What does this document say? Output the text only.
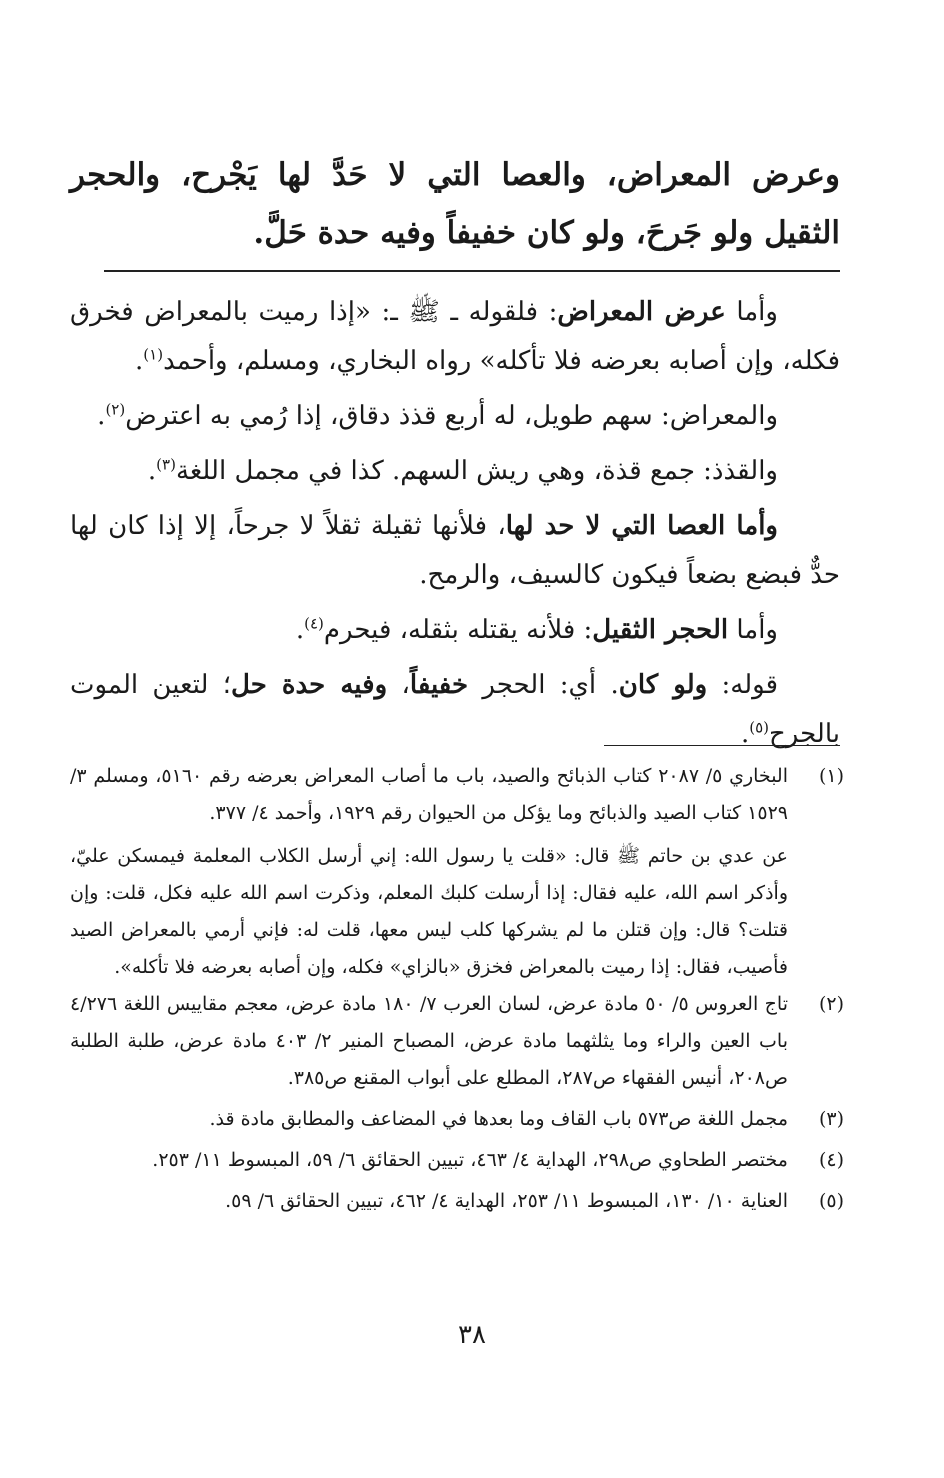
وعرض المعراض، والعصا التي لا حَدَّ لها يَجْرح، والحجر الثقيل ولو جَرحَ، ولو كان خفيفاً وفيه حدة حَلَّ.

وأما عرض المعراض: فلقوله ـ ﷺ ـ: «إذا رميت بالمعراض فخرق فكله، وإن أصابه بعرضه فلا تأكله» رواه البخاري، ومسلم، وأحمد$^{(١)}$.

والمعراض: سهم طويل، له أربع قذذ دقاق، إذا رُمي به اعترض$^{(٢)}$.

والقذذ: جمع قذة، وهي ريش السهم. كذا في مجمل اللغة$^{(٣)}$.

وأما العصا التي لا حد لها، فلأنها ثقيلة ثقلاً لا جرحاً، إلا إذا كان لها حدٌّ فبضع بضعاً فيكون كالسيف، والرمح.

وأما الحجر الثقيل: فلأنه يقتله بثقله، فيحرم$^{(٤)}$.

قوله: ولو كان. أي: الحجر خفيفاً، وفيه حدة حل؛ لتعين الموت بالجرح$^{(٥)}$.

(١)
البخاري ٥/ ٢٠٨٧ كتاب الذبائح والصيد، باب ما أصاب المعراض بعرضه رقم ٥١٦٠، ومسلم ٣/ ١٥٢٩ كتاب الصيد والذبائح وما يؤكل من الحيوان رقم ١٩٢٩، وأحمد ٤/ ٣٧٧.
عن عدي بن حاتم ﷺ قال: «قلت يا رسول الله: إني أرسل الكلاب المعلمة فيمسكن عليّ، وأذكر اسم الله، عليه فقال: إذا أرسلت كلبك المعلم، وذكرت اسم الله عليه فكل، قلت: وإن قتلت؟ قال: وإن قتلن ما لم يشركها كلب ليس معها، قلت له: فإني أرمي بالمعراض الصيد فأصيب، فقال: إذا رميت بالمعراض فخزق «بالزاي» فكله، وإن أصابه بعرضه فلا تأكله».
(٢)
تاج العروس ٥/ ٥٠ مادة عرض، لسان العرب ٧/ ١٨٠ مادة عرض، معجم مقاييس اللغة ٤/٢٧٦ باب العين والراء وما يثلثهما مادة عرض، المصباح المنير ٢/ ٤٠٣ مادة عرض، طلبة الطلبة ص٢٠٨، أنيس الفقهاء ص٢٨٧، المطلع على أبواب المقنع ص٣٨٥.
(٣)
مجمل اللغة ص٥٧٣ باب القاف وما بعدها في المضاعف والمطابق مادة قذ.
(٤)
مختصر الطحاوي ص٢٩٨، الهداية ٤/ ٤٦٣، تبيين الحقائق ٦/ ٥٩، المبسوط ١١/ ٢٥٣.
(٥)
العناية ١٠/ ١٣٠، المبسوط ١١/ ٢٥٣، الهداية ٤/ ٤٦٢، تبيين الحقائق ٦/ ٥٩.
٣٨
